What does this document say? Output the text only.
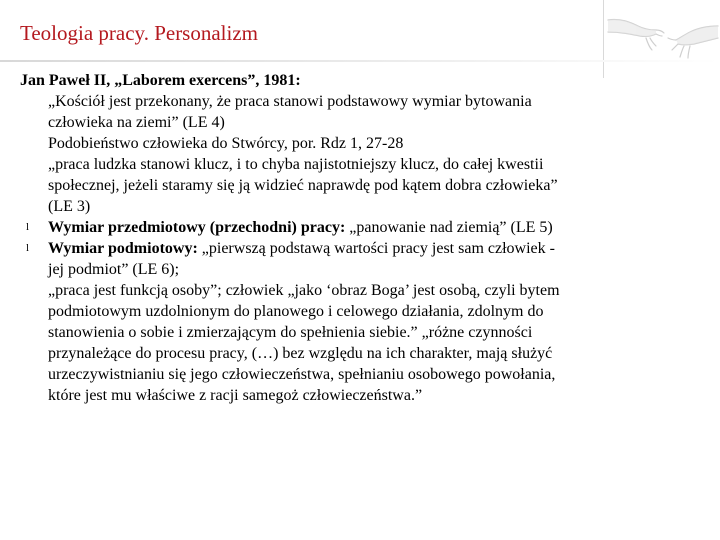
Teologia pracy. Personalizm

Jan Paweł II, „Laborem exercens”, 1981:

„Kościół jest przekonany, że praca stanowi podstawowy wymiar bytowania
człowieka na ziemi” (LE 4)

Podobieństwo człowieka do Stwórcy, por. Rdz 1, 27-28

„praca ludzka stanowi klucz, i to chyba najistotniejszy klucz, do całej kwestii
społecznej, jeżeli staramy się ją widzieć naprawdę pod kątem dobra człowieka”
(LE 3)

l Wymiar przedmiotowy (przechodni) pracy: „panowanie nad ziemią” (LE 5)

l Wymiar podmiotowy: „pierwszą podstawą wartości pracy jest sam człowiek -
jej podmiot” (LE 6);

„praca jest funkcją osoby”; człowiek „jako ‘obraz Boga’ jest osobą, czyli bytem
podmiotowym uzdolnionym do planowego i celowego działania, zdolnym do
stanowienia o sobie i zmierzającym do spełnienia siebie.” „różne czynności
przynależące do procesu pracy, (…) bez względu na ich charakter, mają służyć
urzeczywistnianiu się jego człowieczeństwa, spełnianiu osobowego powołania,
które jest mu właściwe z racji samegoż człowieczeństwa.”
